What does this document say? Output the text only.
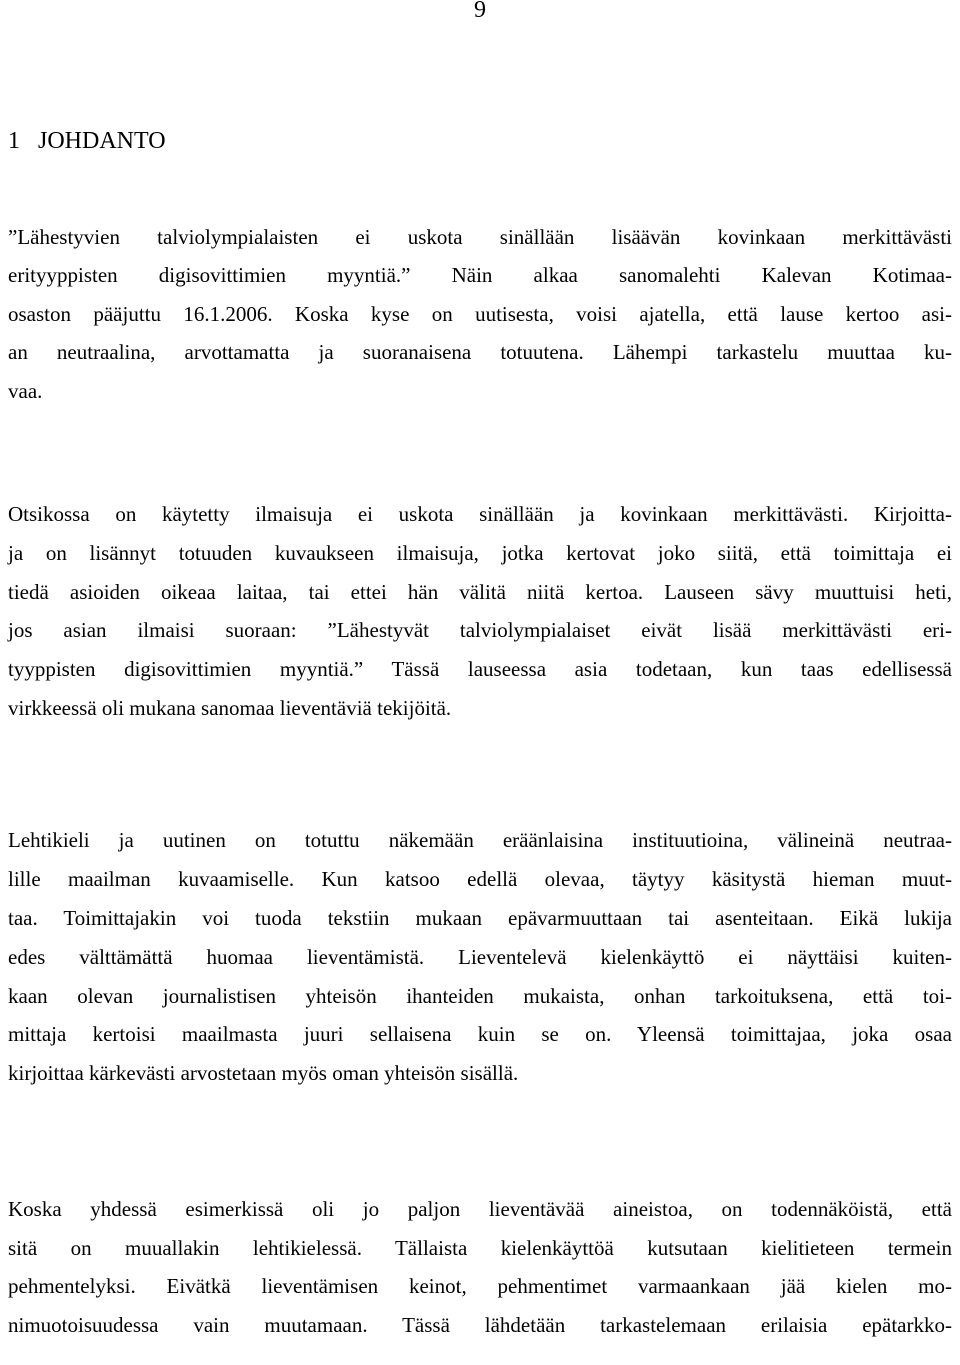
9
1   JOHDANTO
”Lähestyvien talviolympialaisten ei uskota sinällään lisäävän kovinkaan merkittävästi
erityyppisten digisovittimien myyntiä.” Näin alkaa sanomalehti Kalevan Kotimaa-
osaston pääjuttu 16.1.2006. Koska kyse on uutisesta, voisi ajatella, että lause kertoo asi-
an neutraalina, arvottamatta ja suoranaisena totuutena. Lähempi tarkastelu muuttaa ku-
vaa.
Otsikossa on käytetty ilmaisuja ei uskota sinällään ja kovinkaan merkittävästi. Kirjoitta-
ja on lisännyt totuuden kuvaukseen ilmaisuja, jotka kertovat joko siitä, että toimittaja ei
tiedä asioiden oikeaa laitaa, tai ettei hän välitä niitä kertoa. Lauseen sävy muuttuisi heti,
jos asian ilmaisi suoraan: ”Lähestyvät talviolympialaiset eivät lisää merkittävästi eri-
tyyppisten digisovittimien myyntiä.” Tässä lauseessa asia todetaan, kun taas edellisessä
virkkeessä oli mukana sanomaa lieventäviä tekijöitä.
Lehtikieli ja uutinen on totuttu näkemään eräänlaisina instituutioina, välineinä neutraa-
lille maailman kuvaamiselle. Kun katsoo edellä olevaa, täytyy käsitystä hieman muut-
taa. Toimittajakin voi tuoda tekstiin mukaan epävarmuuttaan tai asenteitaan. Eikä lukija
edes välttämättä huomaa lieventämistä. Lieventelevä kielenkäyttö ei näyttäisi kuiten-
kaan olevan journalistisen yhteisön ihanteiden mukaista, onhan tarkoituksena, että toi-
mittaja kertoisi maailmasta juuri sellaisena kuin se on. Yleensä toimittajaa, joka osaa
kirjoittaa kärkevästi arvostetaan myös oman yhteisön sisällä.
Koska yhdessä esimerkissä oli jo paljon lieventävää aineistoa, on todennäköistä, että
sitä on muuallakin lehtikielessä. Tällaista kielenkäyttöä kutsutaan kielitieteen termein
pehmentelyksi. Eivätkä lieventämisen keinot, pehmentimet varmaankaan jää kielen mo-
nimuotoisuudessa vain muutamaan. Tässä lähdetään tarkastelemaan erilaisia epätarkko-
